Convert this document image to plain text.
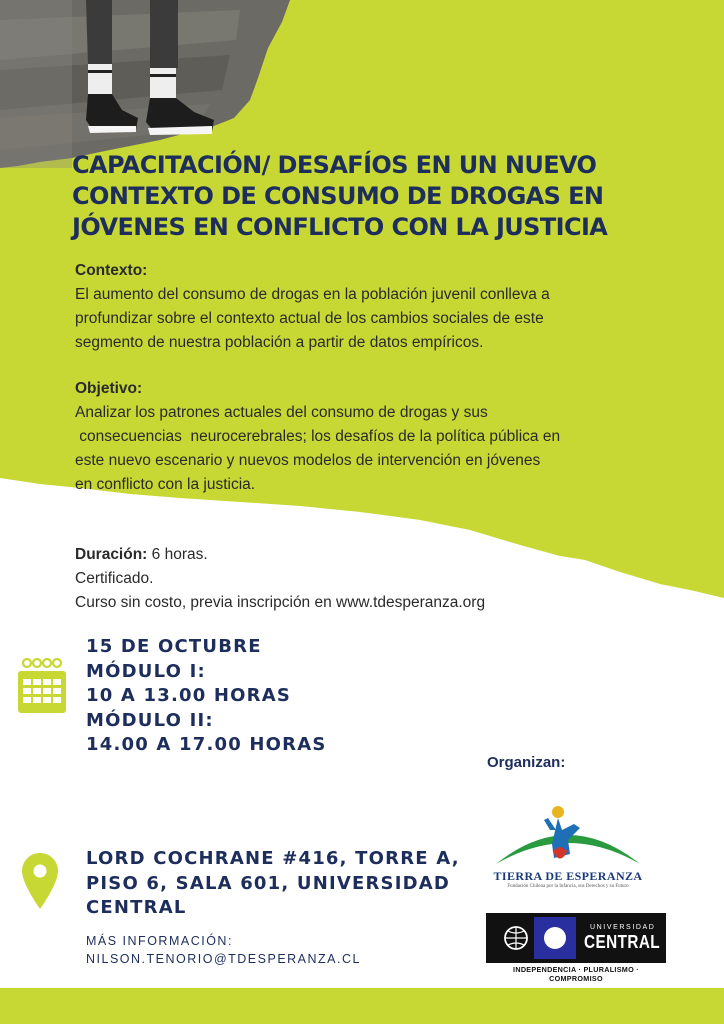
CAPACITACIÓN/ DESAFÍOS EN UN NUEVO
CONTEXTO DE CONSUMO DE DROGAS EN
JÓVENES EN CONFLICTO CON LA JUSTICIA
Contexto:
El aumento del consumo de drogas en la población juvenil conlleva a
profundizar sobre el contexto actual de los cambios sociales de este
segmento de nuestra población a partir de datos empíricos.
Objetivo:
Analizar los patrones actuales del consumo de drogas y sus
consecuencias  neurocerebrales; los desafíos de la política pública en
este nuevo escenario y nuevos modelos de intervención en jóvenes
en conflicto con la justicia.

Duración: 6 horas.

Certificado.

Curso sin costo, previa inscripción en www.tdesperanza.org

15 DE OCTUBRE
MÓDULO I:
10 A 13.00 HORAS
MÓDULO II:
14.00 A 17.00 HORAS
Organizan:
TIERRA DE ESPERANZA
Fundación Chilena por la Infancia, sus Derechos y su Futuro
LORD COCHRANE #416, TORRE A,
PISO 6, SALA 601, UNIVERSIDAD
CENTRAL
MÁS INFORMACIÓN:
NILSON.TENORIO@TDESPERANZA.CL
UNIVERSIDAD
CENTRAL
INDEPENDENCIA · PLURALISMO · COMPROMISO
